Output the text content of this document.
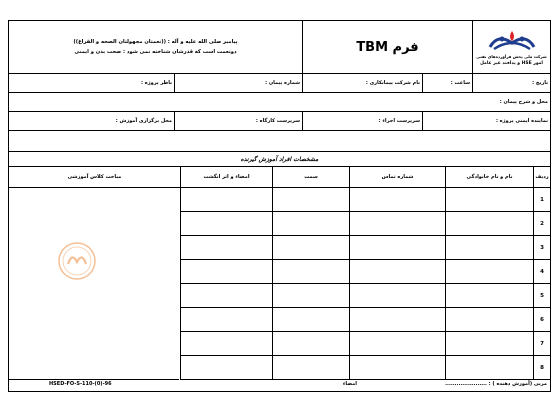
شرکت ملی پخش فرآورده‌های نفتی
امور HSE و پدافند غیر عامل
فرم TBM
پیامبر صلی الله علیه و آله : ((نعمتان مجهولتان الصحه و الفراغ))
دونعمت است که قدرشان شناخته نمی شود : صحت بدن و ایمنی
تاریخ :
ساعت :
نام شرکت پیمانکاری :
شماره پیمان :
ناظر پروژه :
محل و شرح پیمان :
نماینده ایمنی پروژه :
سرپرست اجراء :
سرپرست کارگاه :
محل برگزاری آموزش :
مشخصات افراد آموزش گیرنده
ردیف
نام و نام خانوادگی
شماره تماس
سمت
امضاء و اثر انگشت
مباحث کلاس آموزشی
1
2
3
4
5
6
7
8
مربی (آموزش دهنده ) : ......................
امضاء
HSED-FO-S-110-(0)-96
